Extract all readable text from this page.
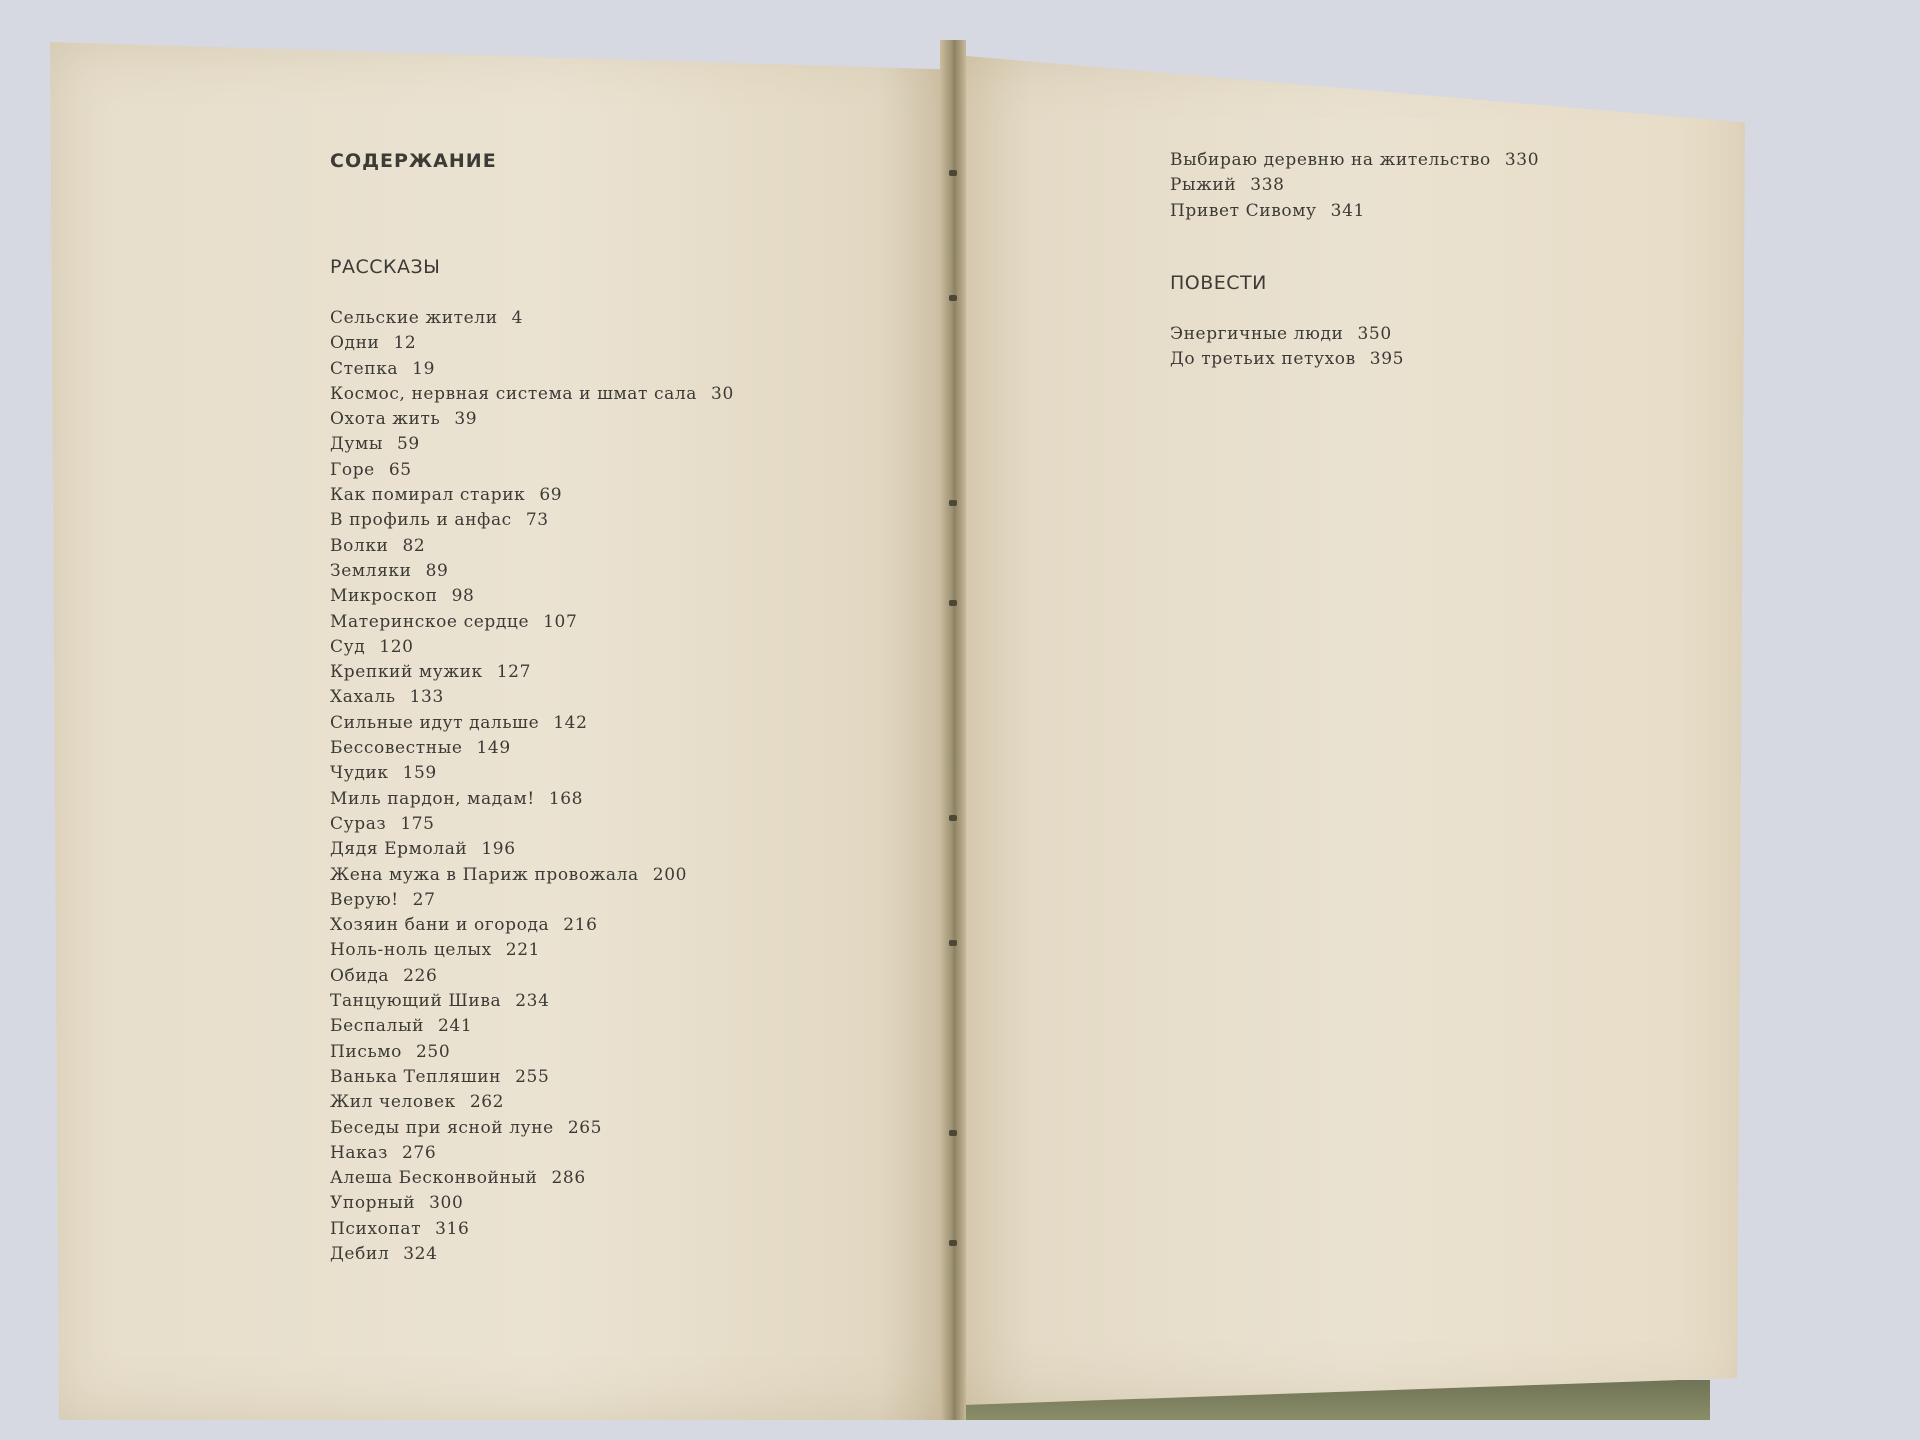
СОДЕРЖАНИЕ
РАССКАЗЫ
Сельские жители 4
Одни 12
Степка 19
Космос, нервная система и шмат сала 30
Охота жить 39
Думы 59
Горе 65
Как помирал старик 69
В профиль и анфас 73
Волки 82
Земляки 89
Микроскоп 98
Материнское сердце 107
Суд 120
Крепкий мужик 127
Хахаль 133
Сильные идут дальше 142
Бессовестные 149
Чудик 159
Миль пардон, мадам! 168
Сураз 175
Дядя Ермолай 196
Жена мужа в Париж провожала 200
Верую! 27
Хозяин бани и огорода 216
Ноль-ноль целых 221
Обида 226
Танцующий Шива 234
Беспалый 241
Письмо 250
Ванька Тепляшин 255
Жил человек 262
Беседы при ясной луне 265
Наказ 276
Алеша Бесконвойный 286
Упорный 300
Психопат 316
Дебил 324
Выбираю деревню на жительство 330
Рыжий 338
Привет Сивому 341
ПОВЕСТИ
Энергичные люди 350
До третьих петухов 395
